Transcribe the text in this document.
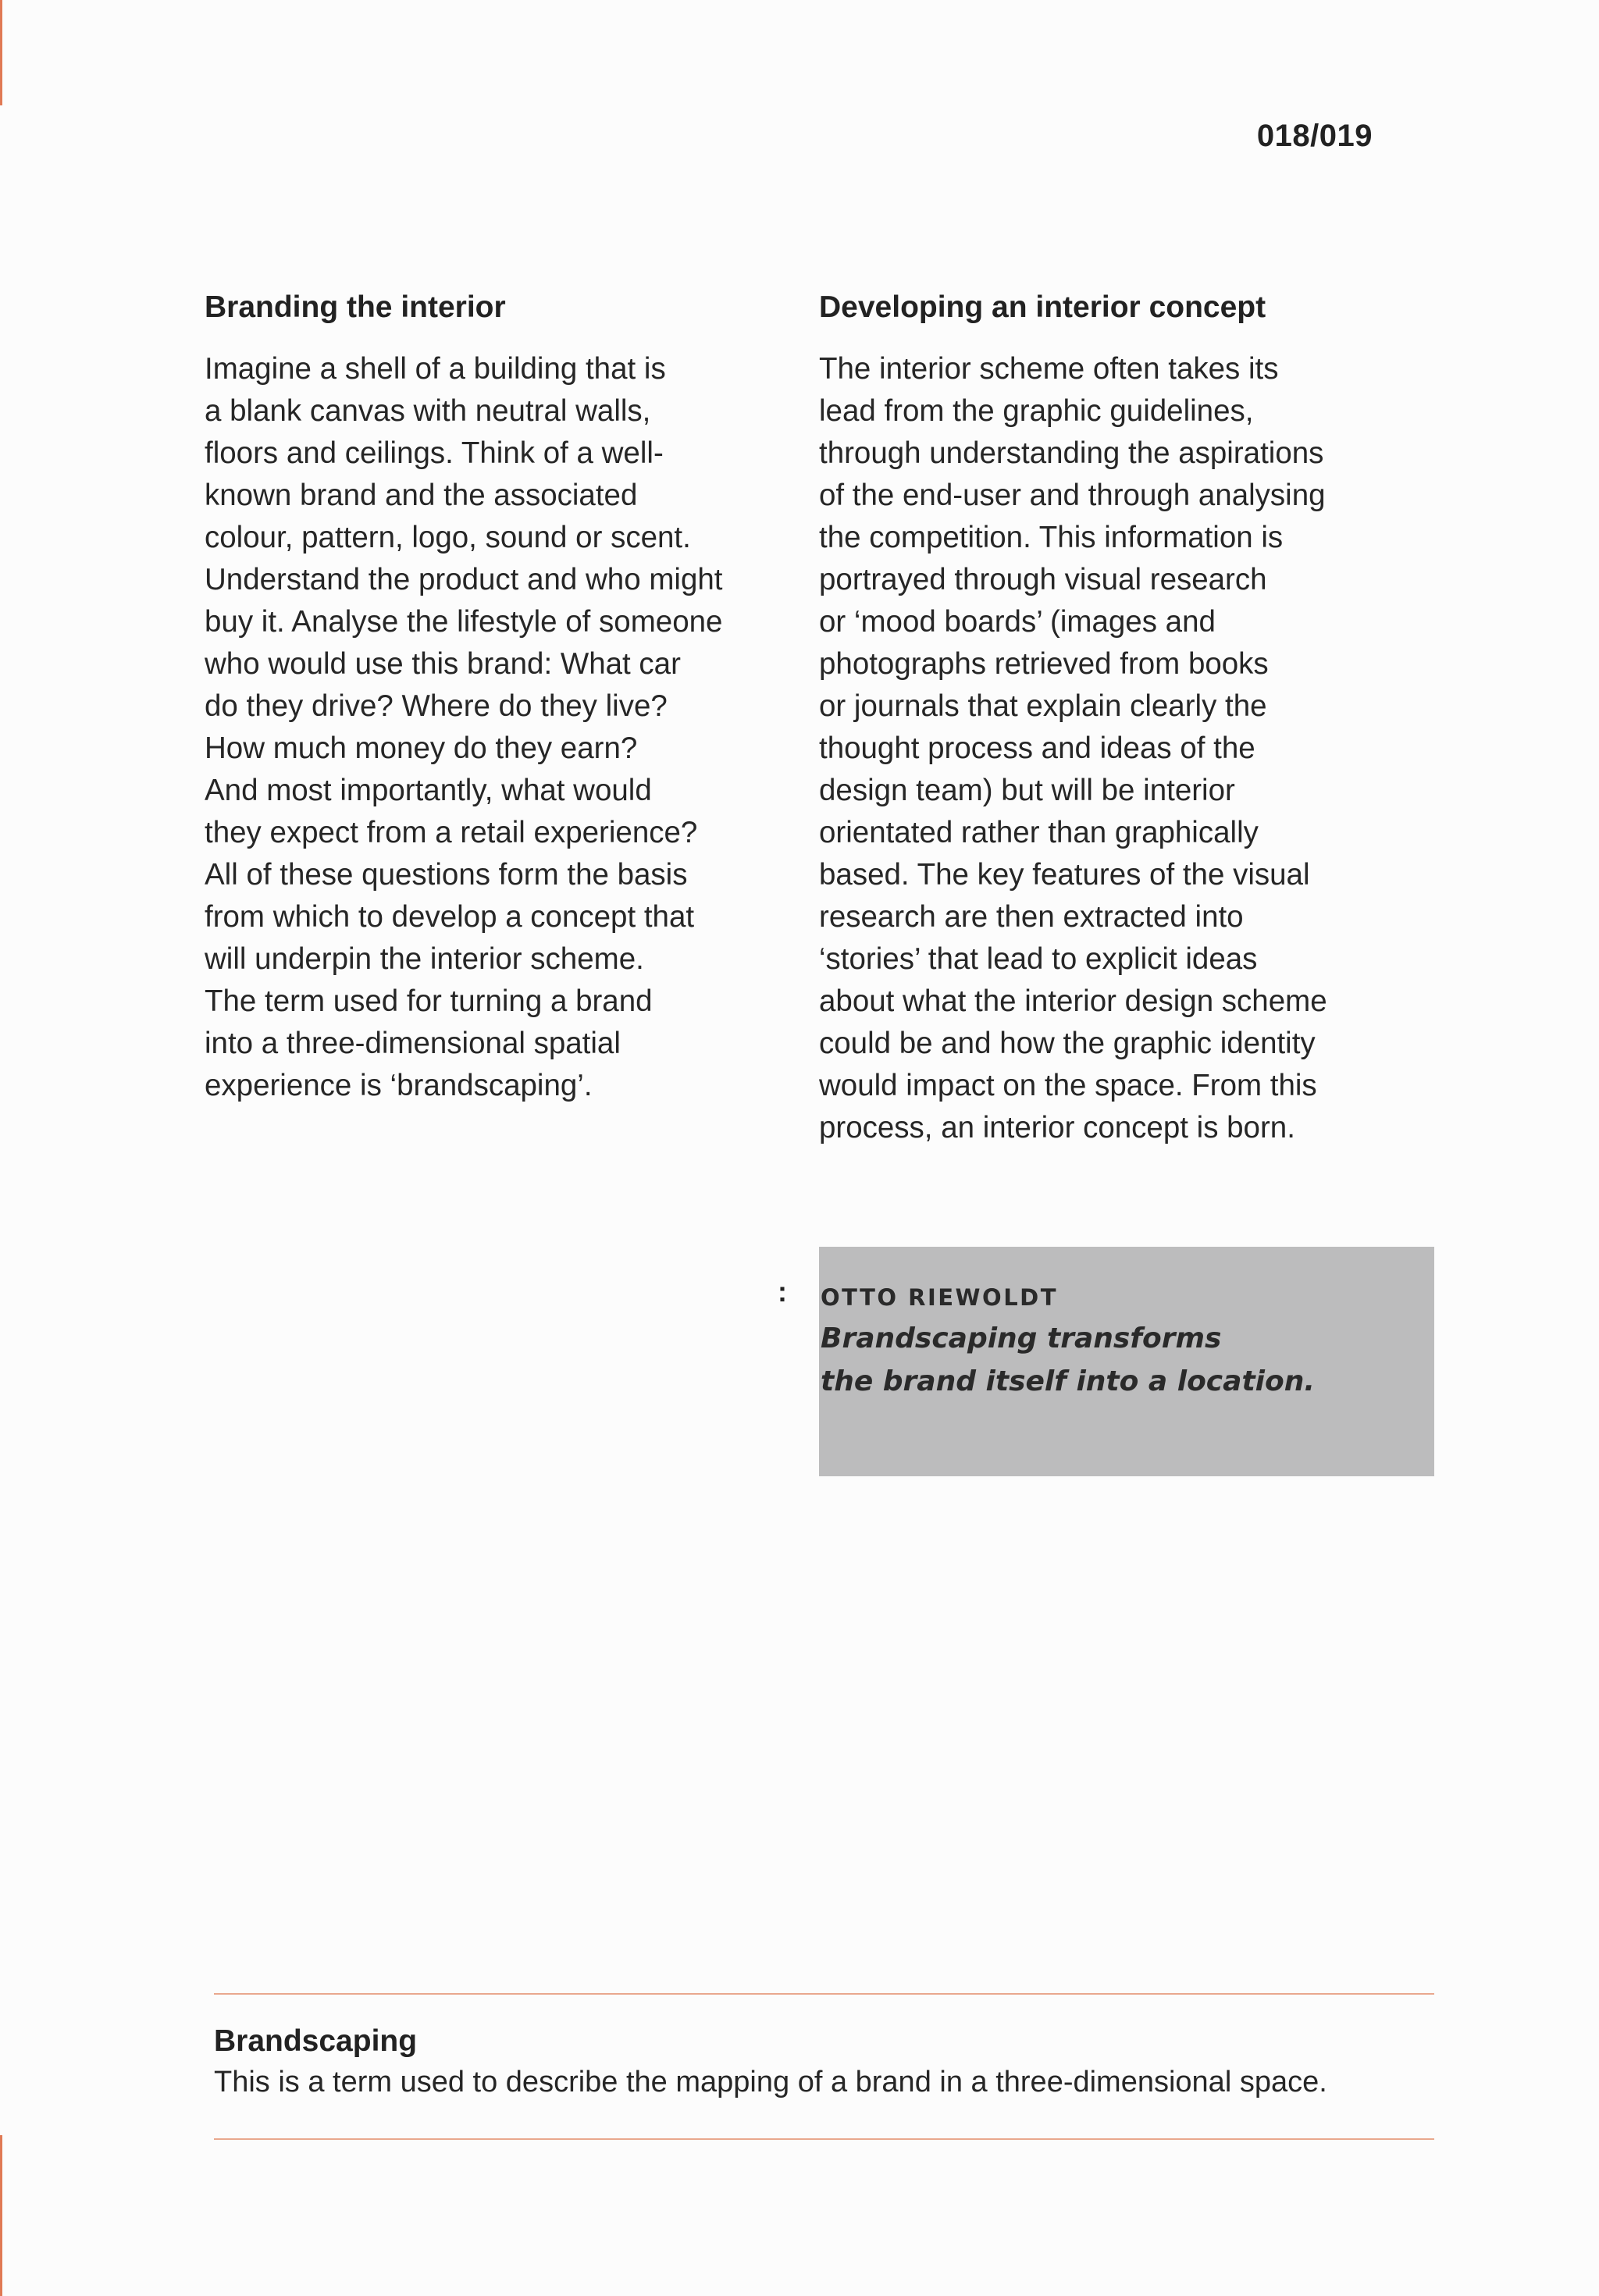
018/019
Branding the interior
Imagine a shell of a building that is
a blank canvas with neutral walls,
floors and ceilings. Think of a well-
known brand and the associated
colour, pattern, logo, sound or scent.
Understand the product and who might
buy it. Analyse the lifestyle of someone
who would use this brand: What car
do they drive? Where do they live?
How much money do they earn?
And most importantly, what would
they expect from a retail experience?
All of these questions form the basis
from which to develop a concept that
will underpin the interior scheme.
The term used for turning a brand
into a three-dimensional spatial
experience is ‘brandscaping’.
Developing an interior concept
The interior scheme often takes its
lead from the graphic guidelines,
through understanding the aspirations
of the end-user and through analysing
the competition. This information is
portrayed through visual research
or ‘mood boards’ (images and
photographs retrieved from books
or journals that explain clearly the
thought process and ideas of the
design team) but will be interior
orientated rather than graphically
based. The key features of the visual
research are then extracted into
‘stories’ that lead to explicit ideas
about what the interior design scheme
could be and how the graphic identity
would impact on the space. From this
process, an interior concept is born.
: OTTO RIEWOLDT
Brandscaping transforms
the brand itself into a location.
Brandscaping
This is a term used to describe the mapping of a brand in a three-dimensional space.
